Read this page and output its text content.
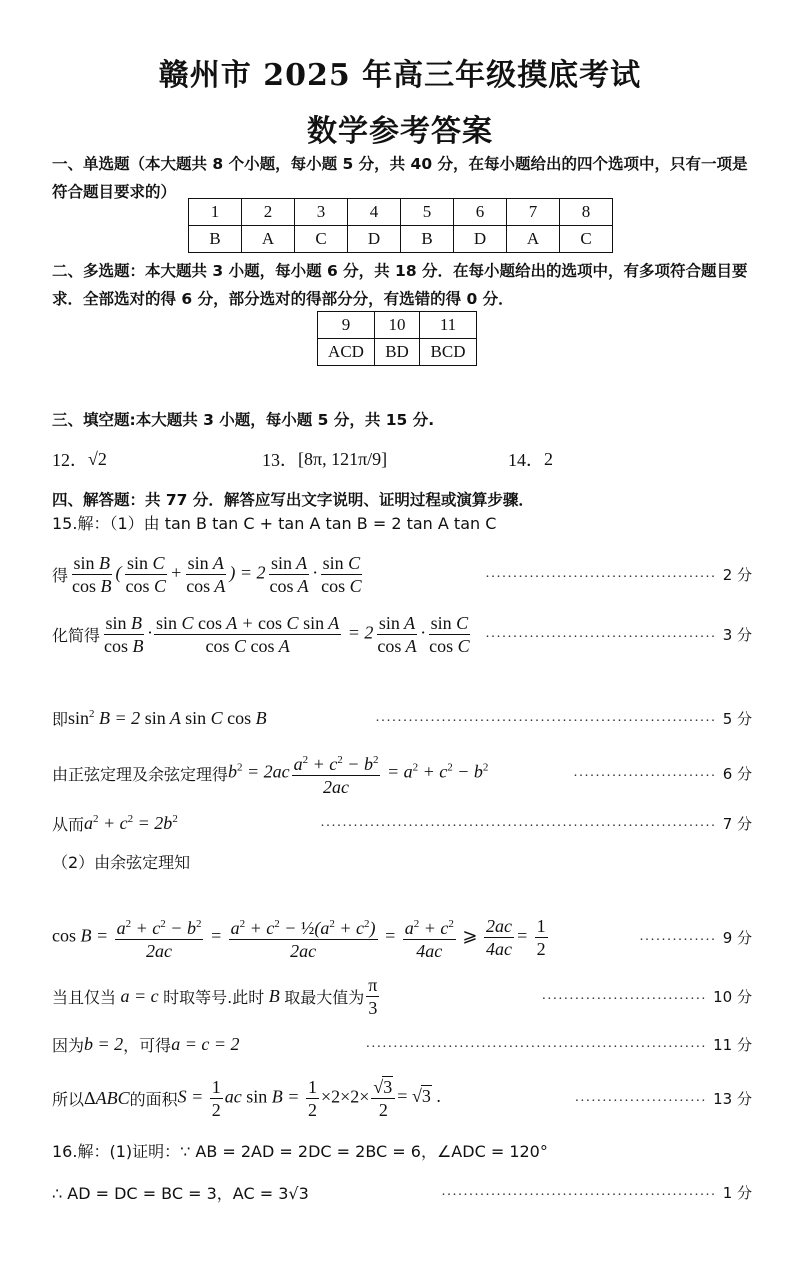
赣州市 2025 年高三年级摸底考试
数学参考答案
一、单选题（本大题共 8 个小题，每小题 5 分，共 40 分，在每小题给出的四个选项中，只有一项是符合题目要求的）
1	2	3	4	5	6	7	8
B	A	C	D	B	D	A	C
二、多选题：本大题共 3 小题，每小题 6 分，共 18 分．在每小题给出的选项中，有多项符合题目要求．全部选对的得 6 分，部分选对的得部分分，有选错的得 0 分．
9	10	11
ACD	BD	BCD
三、填空题:本大题共 3 小题，每小题 5 分，共 15 分.
12． √2	13． [8π, 121π/9]	14． 2
四、解答题：共 77 分．解答应写出文字说明、证明过程或演算步骤．
15.解：（1）由 tan B tan C + tan A tan B = 2 tan A tan C
得 $\frac{\text{sin B}}{\text{cos B}}$ ( $\frac{\text{sin C}}{\text{cos C}} + \frac{\text{sin A}}{\text{cos A}}$ ) = $2 \frac{\text{sin A}}{\text{cos A}} \cdot \frac{\text{sin C}}{\text{cos C}}$	.......................................... 2 分
化简得 $\frac{\text{sin B}}{\text{cos B}} \cdot \frac{\text{sin C cos A + cos C sin A}}{\text{cos C cos A}} = 2 \frac{\text{sin A}}{\text{cos A}} \cdot \frac{\text{sin C}}{\text{cos C}}$	.......................................... 3 分
即 $\sin^2 B = 2$ sin A sin C cos B	.............................................................. 5 分
由正弦定理及余弦定理得 $b^2 = 2ac \frac{a^2 + c^2 - b^2}{2ac} = a^2 + c^2 - b^2$	.......................... 6 分
从而 $a^2 + c^2 = 2b^2$	........................................................................ 7 分
（2）由余弦定理知
$\cos B = \frac{a^2 + c^2 - b^2}{2ac} = \frac{a^2 + c^2 - \frac{1}{2}(a^2 + c^2)}{2ac} = \frac{a^2 + c^2}{4ac}$ ⩾ $\frac{2ac}{4ac} = \frac{1}{2}$	.............. 9 分
当且仅当 a = c 时取等号.此时 B 取最大值为 $\frac{\pi}{3}$	.............................. 10 分
因为 b = 2 ，可得 a = c = 2	.............................................................. 11 分
所以 ΔABC 的面积 $S = \frac{1}{2}$ ac $\sin B = \frac{1}{2} \times 2\times 2\times \frac{√3}{2} = √3$ .	........................ 13 分
16.解：(1)证明：∵ AB = 2AD = 2DC = 2BC = 6，∠ADC = 120°
∴ AD = DC = BC = 3，AC = 3√3	.................................................. 1 分
